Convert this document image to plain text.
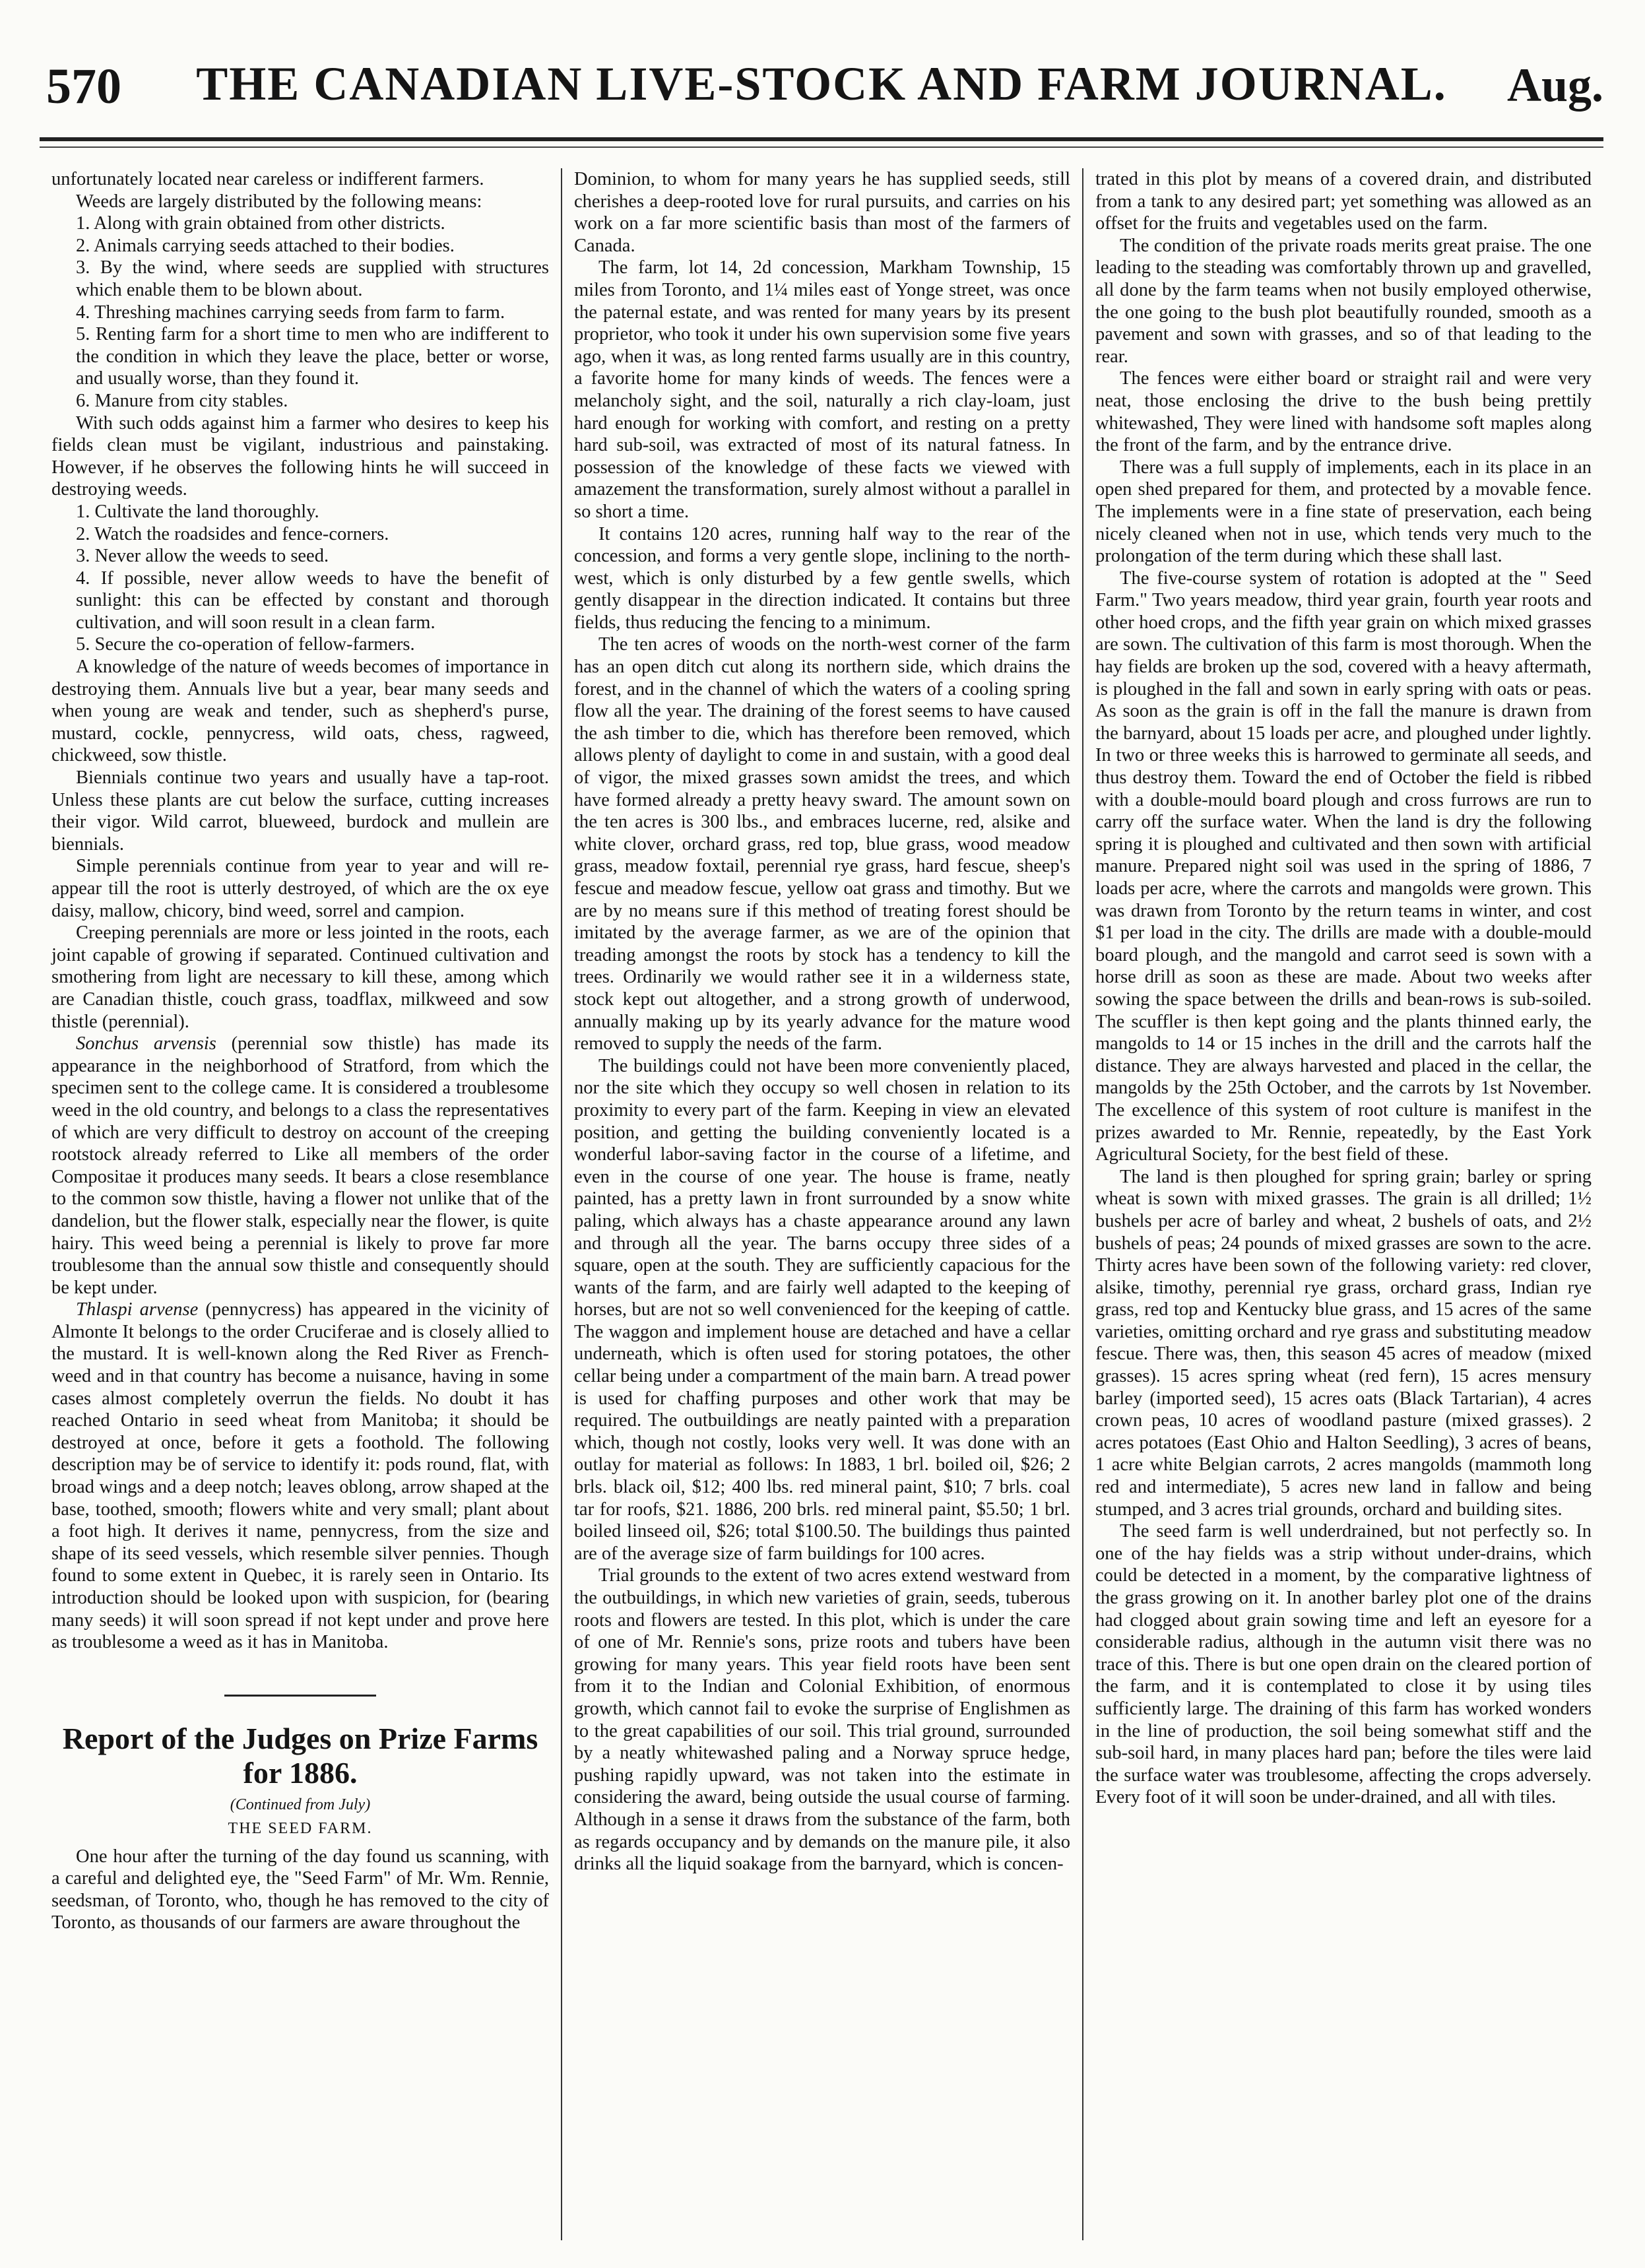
570	THE CANADIAN LIVE-STOCK AND FARM JOURNAL.	Aug.

unfortunately located near careless or indifferent farmers.

Weeds are largely distributed by the following means:

1. Along with grain obtained from other districts.

2. Animals carrying seeds attached to their bodies.

3. By the wind, where seeds are supplied with structures which enable them to be blown about.

4. Threshing machines carrying seeds from farm to farm.

5. Renting farm for a short time to men who are indifferent to the condition in which they leave the place, better or worse, and usually worse, than they found it.

6. Manure from city stables.

With such odds against him a farmer who desires to keep his fields clean must be vigilant, industrious and painstaking. However, if he observes the following hints he will succeed in destroying weeds.

1. Cultivate the land thoroughly.

2. Watch the roadsides and fence-corners.

3. Never allow the weeds to seed.

4. If possible, never allow weeds to have the benefit of sunlight: this can be effected by constant and thorough cultivation, and will soon result in a clean farm.

5. Secure the co-operation of fellow-farmers.

A knowledge of the nature of weeds becomes of importance in destroying them. Annuals live but a year, bear many seeds and when young are weak and tender, such as shepherd's purse, mustard, cockle, pennycress, wild oats, chess, ragweed, chickweed, sow thistle.

Biennials continue two years and usually have a tap-root. Unless these plants are cut below the surface, cutting increases their vigor. Wild carrot, blueweed, burdock and mullein are biennials.

Simple perennials continue from year to year and will re-appear till the root is utterly destroyed, of which are the ox eye daisy, mallow, chicory, bind weed, sorrel and campion.

Creeping perennials are more or less jointed in the roots, each joint capable of growing if separated. Continued cultivation and smothering from light are necessary to kill these, among which are Canadian thistle, couch grass, toadflax, milkweed and sow thistle (perennial).

Sonchus arvensis (perennial sow thistle) has made its appearance in the neighborhood of Stratford, from which the specimen sent to the college came. It is considered a troublesome weed in the old country, and belongs to a class the representatives of which are very difficult to destroy on account of the creeping rootstock already referred to Like all members of the order Compositae it produces many seeds. It bears a close resemblance to the common sow thistle, having a flower not unlike that of the dandelion, but the flower stalk, especially near the flower, is quite hairy. This weed being a perennial is likely to prove far more troublesome than the annual sow thistle and consequently should be kept under.

Thlaspi arvense (pennycress) has appeared in the vicinity of Almonte It belongs to the order Cruciferae and is closely allied to the mustard. It is well-known along the Red River as French-weed and in that country has become a nuisance, having in some cases almost completely overrun the fields. No doubt it has reached Ontario in seed wheat from Manitoba; it should be destroyed at once, before it gets a foothold. The following description may be of service to identify it: pods round, flat, with broad wings and a deep notch; leaves oblong, arrow shaped at the base, toothed, smooth; flowers white and very small; plant about a foot high. It derives it name, pennycress, from the size and shape of its seed vessels, which resemble silver pennies. Though found to some extent in Quebec, it is rarely seen in Ontario. Its introduction should be looked upon with suspicion, for (bearing many seeds) it will soon spread if not kept under and prove here as troublesome a weed as it has in Manitoba.

Report of the Judges on Prize Farms for 1886.
(Continued from July)
THE SEED FARM.

One hour after the turning of the day found us scanning, with a careful and delighted eye, the "Seed Farm" of Mr. Wm. Rennie, seedsman, of Toronto, who, though he has removed to the city of Toronto, as thousands of our farmers are aware throughout the

Dominion, to whom for many years he has supplied seeds, still cherishes a deep-rooted love for rural pursuits, and carries on his work on a far more scientific basis than most of the farmers of Canada.

The farm, lot 14, 2d concession, Markham Township, 15 miles from Toronto, and 1¼ miles east of Yonge street, was once the paternal estate, and was rented for many years by its present proprietor, who took it under his own supervision some five years ago, when it was, as long rented farms usually are in this country, a favorite home for many kinds of weeds. The fences were a melancholy sight, and the soil, naturally a rich clay-loam, just hard enough for working with comfort, and resting on a pretty hard sub-soil, was extracted of most of its natural fatness. In possession of the knowledge of these facts we viewed with amazement the transformation, surely almost without a parallel in so short a time.

It contains 120 acres, running half way to the rear of the concession, and forms a very gentle slope, inclining to the north-west, which is only disturbed by a few gentle swells, which gently disappear in the direction indicated. It contains but three fields, thus reducing the fencing to a minimum.

The ten acres of woods on the north-west corner of the farm has an open ditch cut along its northern side, which drains the forest, and in the channel of which the waters of a cooling spring flow all the year. The draining of the forest seems to have caused the ash timber to die, which has therefore been removed, which allows plenty of daylight to come in and sustain, with a good deal of vigor, the mixed grasses sown amidst the trees, and which have formed already a pretty heavy sward. The amount sown on the ten acres is 300 lbs., and embraces lucerne, red, alsike and white clover, orchard grass, red top, blue grass, wood meadow grass, meadow foxtail, perennial rye grass, hard fescue, sheep's fescue and meadow fescue, yellow oat grass and timothy. But we are by no means sure if this method of treating forest should be imitated by the average farmer, as we are of the opinion that treading amongst the roots by stock has a tendency to kill the trees. Ordinarily we would rather see it in a wilderness state, stock kept out altogether, and a strong growth of underwood, annually making up by its yearly advance for the mature wood removed to supply the needs of the farm.

The buildings could not have been more conveniently placed, nor the site which they occupy so well chosen in relation to its proximity to every part of the farm. Keeping in view an elevated position, and getting the building conveniently located is a wonderful labor-saving factor in the course of a lifetime, and even in the course of one year. The house is frame, neatly painted, has a pretty lawn in front surrounded by a snow white paling, which always has a chaste appearance around any lawn and through all the year. The barns occupy three sides of a square, open at the south. They are sufficiently capacious for the wants of the farm, and are fairly well adapted to the keeping of horses, but are not so well convenienced for the keeping of cattle. The waggon and implement house are detached and have a cellar underneath, which is often used for storing potatoes, the other cellar being under a compartment of the main barn. A tread power is used for chaffing purposes and other work that may be required. The outbuildings are neatly painted with a preparation which, though not costly, looks very well. It was done with an outlay for material as follows: In 1883, 1 brl. boiled oil, $26; 2 brls. black oil, $12; 400 lbs. red mineral paint, $10; 7 brls. coal tar for roofs, $21. 1886, 200 brls. red mineral paint, $5.50; 1 brl. boiled linseed oil, $26; total $100.50. The buildings thus painted are of the average size of farm buildings for 100 acres.

Trial grounds to the extent of two acres extend westward from the outbuildings, in which new varieties of grain, seeds, tuberous roots and flowers are tested. In this plot, which is under the care of one of Mr. Rennie's sons, prize roots and tubers have been growing for many years. This year field roots have been sent from it to the Indian and Colonial Exhibition, of enormous growth, which cannot fail to evoke the surprise of Englishmen as to the great capabilities of our soil. This trial ground, surrounded by a neatly whitewashed paling and a Norway spruce hedge, pushing rapidly upward, was not taken into the estimate in considering the award, being outside the usual course of farming. Although in a sense it draws from the substance of the farm, both as regards occupancy and by demands on the manure pile, it also drinks all the liquid soakage from the barnyard, which is concen-

trated in this plot by means of a covered drain, and distributed from a tank to any desired part; yet something was allowed as an offset for the fruits and vegetables used on the farm.

The condition of the private roads merits great praise. The one leading to the steading was comfortably thrown up and gravelled, all done by the farm teams when not busily employed otherwise, the one going to the bush plot beautifully rounded, smooth as a pavement and sown with grasses, and so of that leading to the rear.

The fences were either board or straight rail and were very neat, those enclosing the drive to the bush being prettily whitewashed, They were lined with handsome soft maples along the front of the farm, and by the entrance drive.

There was a full supply of implements, each in its place in an open shed prepared for them, and protected by a movable fence. The implements were in a fine state of preservation, each being nicely cleaned when not in use, which tends very much to the prolongation of the term during which these shall last.

The five-course system of rotation is adopted at the " Seed Farm." Two years meadow, third year grain, fourth year roots and other hoed crops, and the fifth year grain on which mixed grasses are sown. The cultivation of this farm is most thorough. When the hay fields are broken up the sod, covered with a heavy aftermath, is ploughed in the fall and sown in early spring with oats or peas. As soon as the grain is off in the fall the manure is drawn from the barnyard, about 15 loads per acre, and ploughed under lightly. In two or three weeks this is harrowed to germinate all seeds, and thus destroy them. Toward the end of October the field is ribbed with a double-mould board plough and cross furrows are run to carry off the surface water. When the land is dry the following spring it is ploughed and cultivated and then sown with artificial manure. Prepared night soil was used in the spring of 1886, 7 loads per acre, where the carrots and mangolds were grown. This was drawn from Toronto by the return teams in winter, and cost $1 per load in the city. The drills are made with a double-mould board plough, and the mangold and carrot seed is sown with a horse drill as soon as these are made. About two weeks after sowing the space between the drills and bean-rows is sub-soiled. The scuffler is then kept going and the plants thinned early, the mangolds to 14 or 15 inches in the drill and the carrots half the distance. They are always harvested and placed in the cellar, the mangolds by the 25th October, and the carrots by 1st November. The excellence of this system of root culture is manifest in the prizes awarded to Mr. Rennie, repeatedly, by the East York Agricultural Society, for the best field of these.

The land is then ploughed for spring grain; barley or spring wheat is sown with mixed grasses. The grain is all drilled; 1½ bushels per acre of barley and wheat, 2 bushels of oats, and 2½ bushels of peas; 24 pounds of mixed grasses are sown to the acre. Thirty acres have been sown of the following variety: red clover, alsike, timothy, perennial rye grass, orchard grass, Indian rye grass, red top and Kentucky blue grass, and 15 acres of the same varieties, omitting orchard and rye grass and substituting meadow fescue. There was, then, this season 45 acres of meadow (mixed grasses). 15 acres spring wheat (red fern), 15 acres mensury barley (imported seed), 15 acres oats (Black Tartarian), 4 acres crown peas, 10 acres of woodland pasture (mixed grasses). 2 acres potatoes (East Ohio and Halton Seedling), 3 acres of beans, 1 acre white Belgian carrots, 2 acres mangolds (mammoth long red and intermediate), 5 acres new land in fallow and being stumped, and 3 acres trial grounds, orchard and building sites.

The seed farm is well underdrained, but not perfectly so. In one of the hay fields was a strip without under-drains, which could be detected in a moment, by the comparative lightness of the grass growing on it. In another barley plot one of the drains had clogged about grain sowing time and left an eyesore for a considerable radius, although in the autumn visit there was no trace of this. There is but one open drain on the cleared portion of the farm, and it is contemplated to close it by using tiles sufficiently large. The draining of this farm has worked wonders in the line of production, the soil being somewhat stiff and the sub-soil hard, in many places hard pan; before the tiles were laid the surface water was troublesome, affecting the crops adversely. Every foot of it will soon be under-drained, and all with tiles.
